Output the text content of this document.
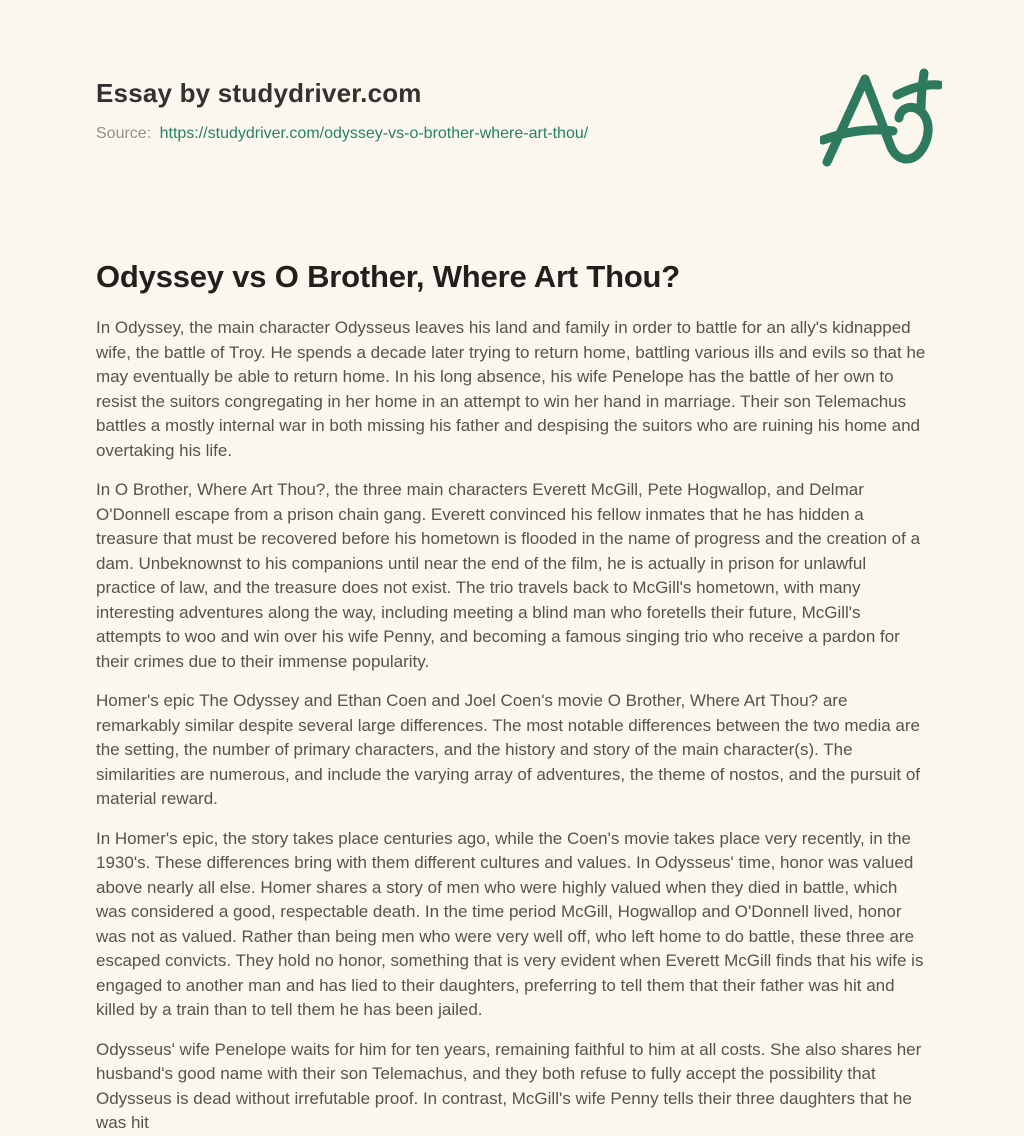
Essay by studydriver.com
Source: https://studydriver.com/odyssey-vs-o-brother-where-art-thou/
Odyssey vs O Brother, Where Art Thou?

In Odyssey, the main character Odysseus leaves his land and family in order to battle for an ally's kidnapped wife, the battle of Troy. He spends a decade later trying to return home, battling various ills and evils so that he may eventually be able to return home. In his long absence, his wife Penelope has the battle of her own to resist the suitors congregating in her home in an attempt to win her hand in marriage. Their son Telemachus battles a mostly internal war in both missing his father and despising the suitors who are ruining his home and overtaking his life.

In O Brother, Where Art Thou?, the three main characters Everett McGill, Pete Hogwallop, and Delmar O'Donnell escape from a prison chain gang. Everett convinced his fellow inmates that he has hidden a treasure that must be recovered before his hometown is flooded in the name of progress and the creation of a dam. Unbeknownst to his companions until near the end of the film, he is actually in prison for unlawful practice of law, and the treasure does not exist. The trio travels back to McGill's hometown, with many interesting adventures along the way, including meeting a blind man who foretells their future, McGill's attempts to woo and win over his wife Penny, and becoming a famous singing trio who receive a pardon for their crimes due to their immense popularity.

Homer's epic The Odyssey and Ethan Coen and Joel Coen's movie O Brother, Where Art Thou? are remarkably similar despite several large differences. The most notable differences between the two media are the setting, the number of primary characters, and the history and story of the main character(s). The similarities are numerous, and include the varying array of adventures, the theme of nostos, and the pursuit of material reward.

In Homer's epic, the story takes place centuries ago, while the Coen's movie takes place very recently, in the 1930's. These differences bring with them different cultures and values. In Odysseus' time, honor was valued above nearly all else. Homer shares a story of men who were highly valued when they died in battle, which was considered a good, respectable death. In the time period McGill, Hogwallop and O'Donnell lived, honor was not as valued. Rather than being men who were very well off, who left home to do battle, these three are escaped convicts. They hold no honor, something that is very evident when Everett McGill finds that his wife is engaged to another man and has lied to their daughters, preferring to tell them that their father was hit and killed by a train than to tell them he has been jailed.

Odysseus' wife Penelope waits for him for ten years, remaining faithful to him at all costs. She also shares her husband's good name with their son Telemachus, and they both refuse to fully accept the possibility that Odysseus is dead without irrefutable proof. In contrast, McGill's wife Penny tells their three daughters that he was hit
